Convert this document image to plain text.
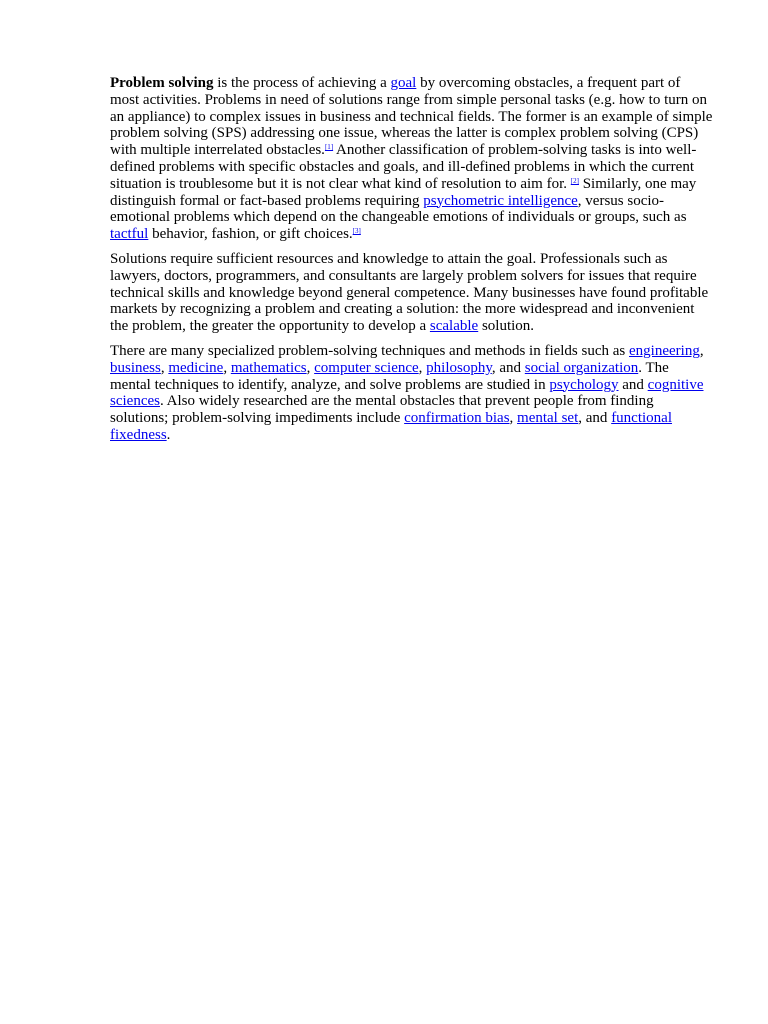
Problem solving is the process of achieving a goal by overcoming obstacles, a frequent part of most activities. Problems in need of solutions range from simple personal tasks (e.g. how to turn on an appliance) to complex issues in business and technical fields. The former is an example of simple problem solving (SPS) addressing one issue, whereas the latter is complex problem solving (CPS) with multiple interrelated obstacles.[1] Another classification of problem-solving tasks is into well-defined problems with specific obstacles and goals, and ill-defined problems in which the current situation is troublesome but it is not clear what kind of resolution to aim for. [2] Similarly, one may distinguish formal or fact-based problems requiring psychometric intelligence, versus socio-emotional problems which depend on the changeable emotions of individuals or groups, such as tactful behavior, fashion, or gift choices.[3]

Solutions require sufficient resources and knowledge to attain the goal. Professionals such as lawyers, doctors, programmers, and consultants are largely problem solvers for issues that require technical skills and knowledge beyond general competence. Many businesses have found profitable markets by recognizing a problem and creating a solution: the more widespread and inconvenient the problem, the greater the opportunity to develop a scalable solution.

There are many specialized problem-solving techniques and methods in fields such as engineering, business, medicine, mathematics, computer science, philosophy, and social organization. The mental techniques to identify, analyze, and solve problems are studied in psychology and cognitive sciences. Also widely researched are the mental obstacles that prevent people from finding solutions; problem-solving impediments include confirmation bias, mental set, and functional fixedness.
